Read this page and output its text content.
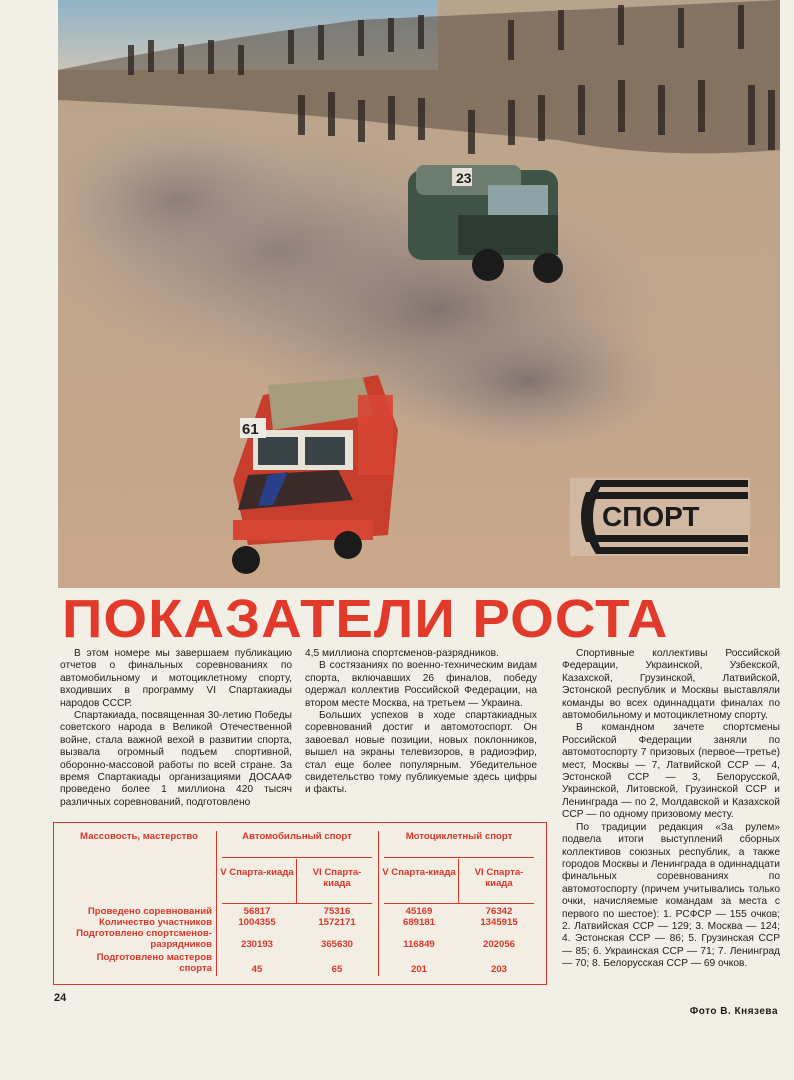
23
61
СПОРТ
ПОКАЗАТЕЛИ РОСТА

В этом номере мы завершаем публикацию отчетов о финальных соревнованиях по автомобильному и мотоциклетному спорту, входивших в программу VI Спартакиады народов СССР.

Спартакиада, посвященная 30-летию Победы советского народа в Великой Отечественной войне, стала важной вехой в развитии спорта, вызвала огромный подъем спортивной, оборонно-массовой работы по всей стране. За время Спартакиады организациями ДОСААФ проведено более 1 миллиона 420 тысяч различных соревнований, подготовлено

4,5 миллиона спортсменов-разрядников.

В состязаниях по военно-техническим видам спорта, включавших 26 финалов, победу одержал коллектив Российской Федерации, на втором месте Москва, на третьем — Украина.

Больших успехов в ходе спартакиадных соревнований достиг и автомотоспорт. Он завоевал новые позиции, новых поклонников, вышел на экраны телевизоров, в радиоэфир, стал еще более популярным. Убедительное свидетельство тому публикуемые здесь цифры и факты.

Спортивные коллективы Российской Федерации, Украинской, Узбекской, Казахской, Грузинской, Латвийской, Эстонской республик и Москвы выставляли команды во всех одиннадцати финалах по автомобильному и мотоциклетному спорту.

В командном зачете спортсмены Российской Федерации заняли по автомотоспорту 7 призовых (первое—третье) мест, Москвы — 7, Латвийской ССР — 4, Эстонской ССР — 3, Белорусской, Украинской, Литовской, Грузинской ССР и Ленинграда — по 2, Молдавской и Казахской ССР — по одному призовому месту.

По традиции редакция «За рулем» подвела итоги выступлений сборных коллективов союзных республик, а также городов Москвы и Ленинграда в одиннадцати финальных соревнованиях по автомотоспорту (причем учитывались только очки, начисляемые командам за места с первого по шестое): 1. РСФСР — 155 очков; 2. Латвийская ССР — 129; 3. Москва — 124; 4. Эстонская ССР — 86; 5. Грузинская ССР — 85; 6. Украинская ССР — 71; 7. Ленинград — 70; 8. Белорусская ССР — 69 очков.

Массовость, мастерство	Автомобильный спорт	Мотоциклетный спорт
V Спарта-киада	VI Спарта-киада
V Спарта-киада	VI Спарта-киада
Проведено соревнований	56817	75316	45169	76342
Количество участников	1004355	1572171	689181	1345915
Подготовлено спортсменов-разрядников	230193	365630	116849	202056
Подготовлено мастеров спорта	45	65	201	203
24
Фото В. Князева
